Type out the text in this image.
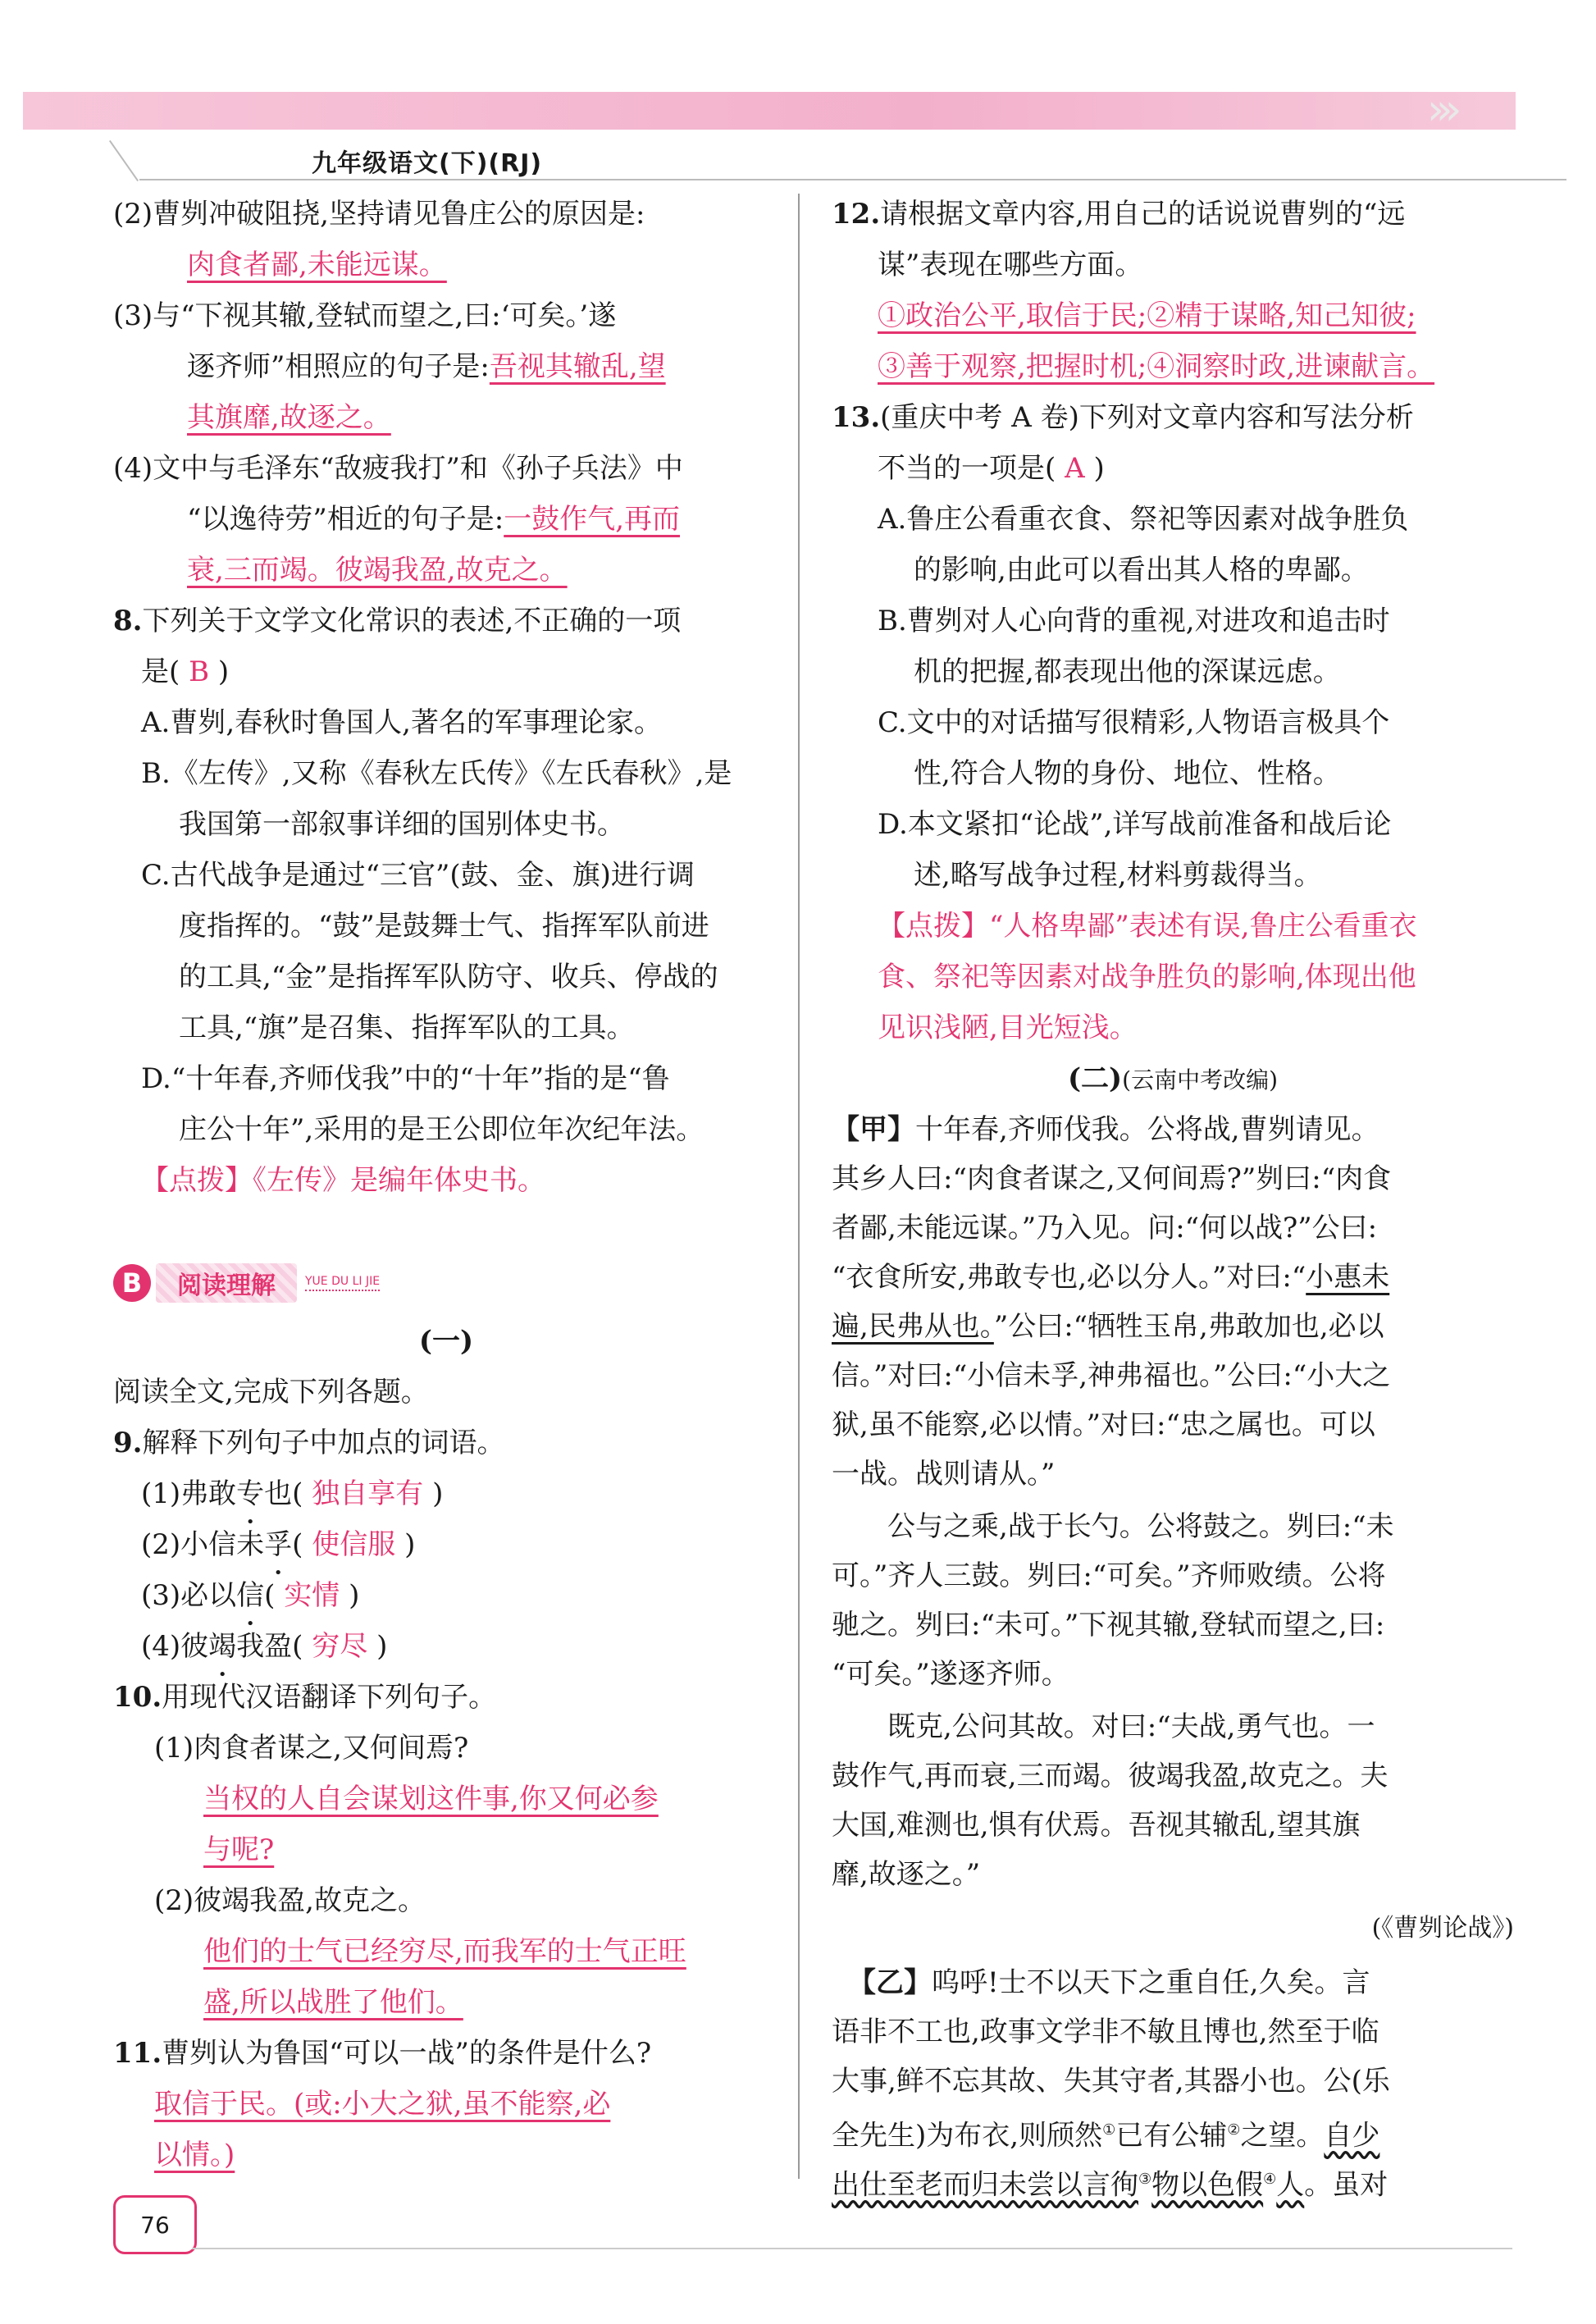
›››
九年级语文(下)(RJ)
(2)曹刿冲破阻挠,坚持请见鲁庄公的原因是:
肉食者鄙,未能远谋。
(3)与“下视其辙,登轼而望之,曰:‘可矣。’遂
逐齐师”相照应的句子是:吾视其辙乱,望
其旗靡,故逐之。
(4)文中与毛泽东“敌疲我打”和《孙子兵法》中
“以逸待劳”相近的句子是:一鼓作气,再而
衰,三而竭。彼竭我盈,故克之。
8.下列关于文学文化常识的表述,不正确的一项
是( B )
A.曹刿,春秋时鲁国人,著名的军事理论家。
B.《左传》,又称《春秋左氏传》《左氏春秋》,是
我国第一部叙事详细的国别体史书。
C.古代战争是通过“三官”(鼓、金、旗)进行调
度指挥的。“鼓”是鼓舞士气、指挥军队前进
的工具,“金”是指挥军队防守、收兵、停战的
工具,“旗”是召集、指挥军队的工具。
D.“十年春,齐师伐我”中的“十年”指的是“鲁
庄公十年”,采用的是王公即位年次纪年法。
【点拨】《左传》是编年体史书。
B	阅读理解	YUE DU LI JIE
(一)
阅读全文,完成下列各题。
9.解释下列句子中加点的词语。
(1)弗敢专也( 独自享有 )
(2)小信未孚( 使信服 )
(3)必以信( 实情 )
(4)彼竭我盈( 穷尽 )
10.用现代汉语翻译下列句子。
(1)肉食者谋之,又何间焉?
当权的人自会谋划这件事,你又何必参
与呢?
(2)彼竭我盈,故克之。
他们的士气已经穷尽,而我军的士气正旺
盛,所以战胜了他们。
11.曹刿认为鲁国“可以一战”的条件是什么?
取信于民。(或:小大之狱,虽不能察,必
以情。)
12.请根据文章内容,用自己的话说说曹刿的“远
谋”表现在哪些方面。
①政治公平,取信于民;②精于谋略,知己知彼;
③善于观察,把握时机;④洞察时政,进谏献言。
13.(重庆中考 A 卷)下列对文章内容和写法分析
不当的一项是( A )
A.鲁庄公看重衣食、祭祀等因素对战争胜负
的影响,由此可以看出其人格的卑鄙。
B.曹刿对人心向背的重视,对进攻和追击时
机的把握,都表现出他的深谋远虑。
C.文中的对话描写很精彩,人物语言极具个
性,符合人物的身份、地位、性格。
D.本文紧扣“论战”,详写战前准备和战后论
述,略写战争过程,材料剪裁得当。
【点拨】“人格卑鄙”表述有误,鲁庄公看重衣
食、祭祀等因素对战争胜负的影响,体现出他
见识浅陋,目光短浅。
(二)(云南中考改编)
【甲】十年春,齐师伐我。公将战,曹刿请见。
其乡人曰:“肉食者谋之,又何间焉?”刿曰:“肉食
者鄙,未能远谋。”乃入见。问:“何以战?”公曰:
“衣食所安,弗敢专也,必以分人。”对曰:“小惠未
遍,民弗从也。”公曰:“牺牲玉帛,弗敢加也,必以
信。”对曰:“小信未孚,神弗福也。”公曰:“小大之
狱,虽不能察,必以情。”对曰:“忠之属也。可以
一战。战则请从。”
公与之乘,战于长勺。公将鼓之。刿曰:“未
可。”齐人三鼓。刿曰:“可矣。”齐师败绩。公将
驰之。刿曰:“未可。”下视其辙,登轼而望之,曰:
“可矣。”遂逐齐师。
既克,公问其故。对曰:“夫战,勇气也。一
鼓作气,再而衰,三而竭。彼竭我盈,故克之。夫
大国,难测也,惧有伏焉。吾视其辙乱,望其旗
靡,故逐之。”
(《曹刿论战》)
【乙】呜呼!士不以天下之重自任,久矣。言
语非不工也,政事文学非不敏且博也,然至于临
大事,鲜不忘其故、失其守者,其器小也。公(乐
全先生)为布衣,则颀然①已有公辅②之望。自少
出仕至老而归未尝以言徇③物以色假④人。虽对
76
